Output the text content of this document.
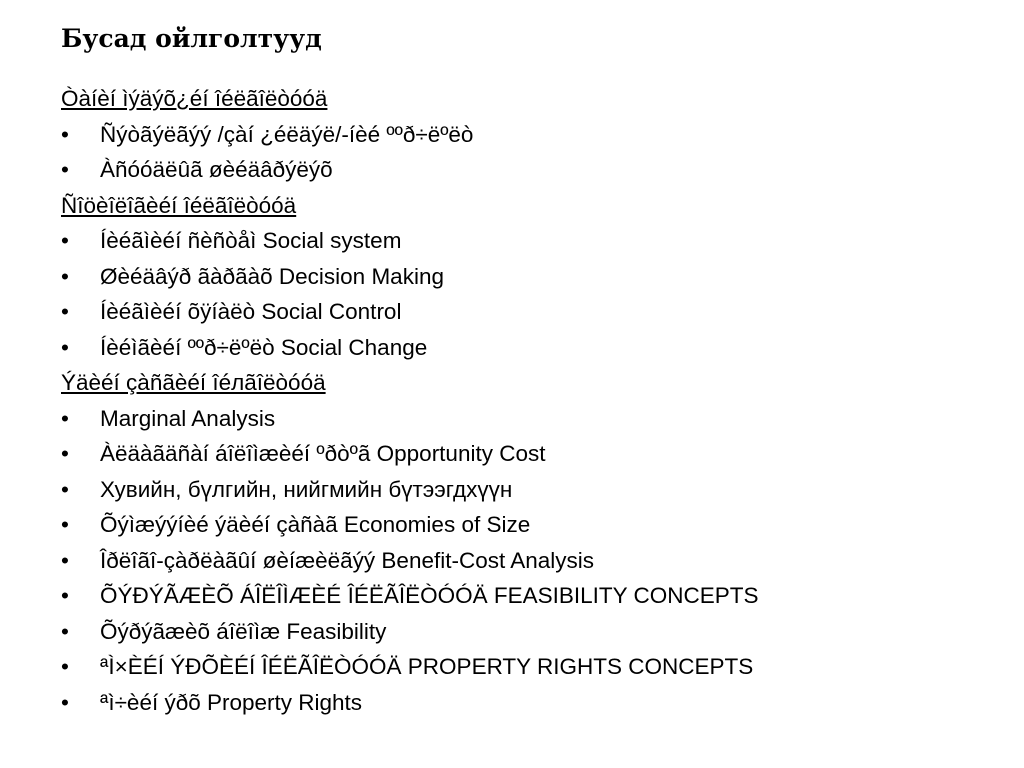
Бусад ойлголтууд
Òàíèí ìýäýõ¿éí îéëãîëòóóä
• Ñýòãýëãýý /çàí ¿éëäýë/-íèé ººð÷ëºëò
• Àñóóäëûã øèéäâðýëýõ
Ñîöèîëîãèéí îéëãîëòóóä
• Íèéãìèéí ñèñòåì Social system
• Øèéäâýð ãàðãàõ Decision Making
• Íèéãìèéí õÿíàëò Social Control
• Íèéìãèéí ººð÷ëºëò Social Change
Ýäèéí çàñãèéí îéлãîëòóóä
• Marginal Analysis
• Àëäàãäñàí áîëîìæèéí ºðòºã Opportunity Cost
• Хувийн, бүлгийн, нийгмийн бүтээгдхүүн
• Õýìæýýíèé ýäèéí çàñàã Economies of Size
• Îðëîãî-çàðëàãûí øèíæèëãýý Benefit-Cost Analysis
• ÕÝÐÝÃÆÈÕ ÁÎËÎÌÆÈÉ ÎÉËÃÎËÒÓÓÄ FEASIBILITY CONCEPTS
• Õýðýãæèõ áîëîìæ Feasibility
• ªÌ×ÈÉÍ ÝÐÕÈÉÍ ÎÉËÃÎËÒÓÓÄ PROPERTY RIGHTS CONCEPTS
• ªì÷èéí ýðõ Property Rights
